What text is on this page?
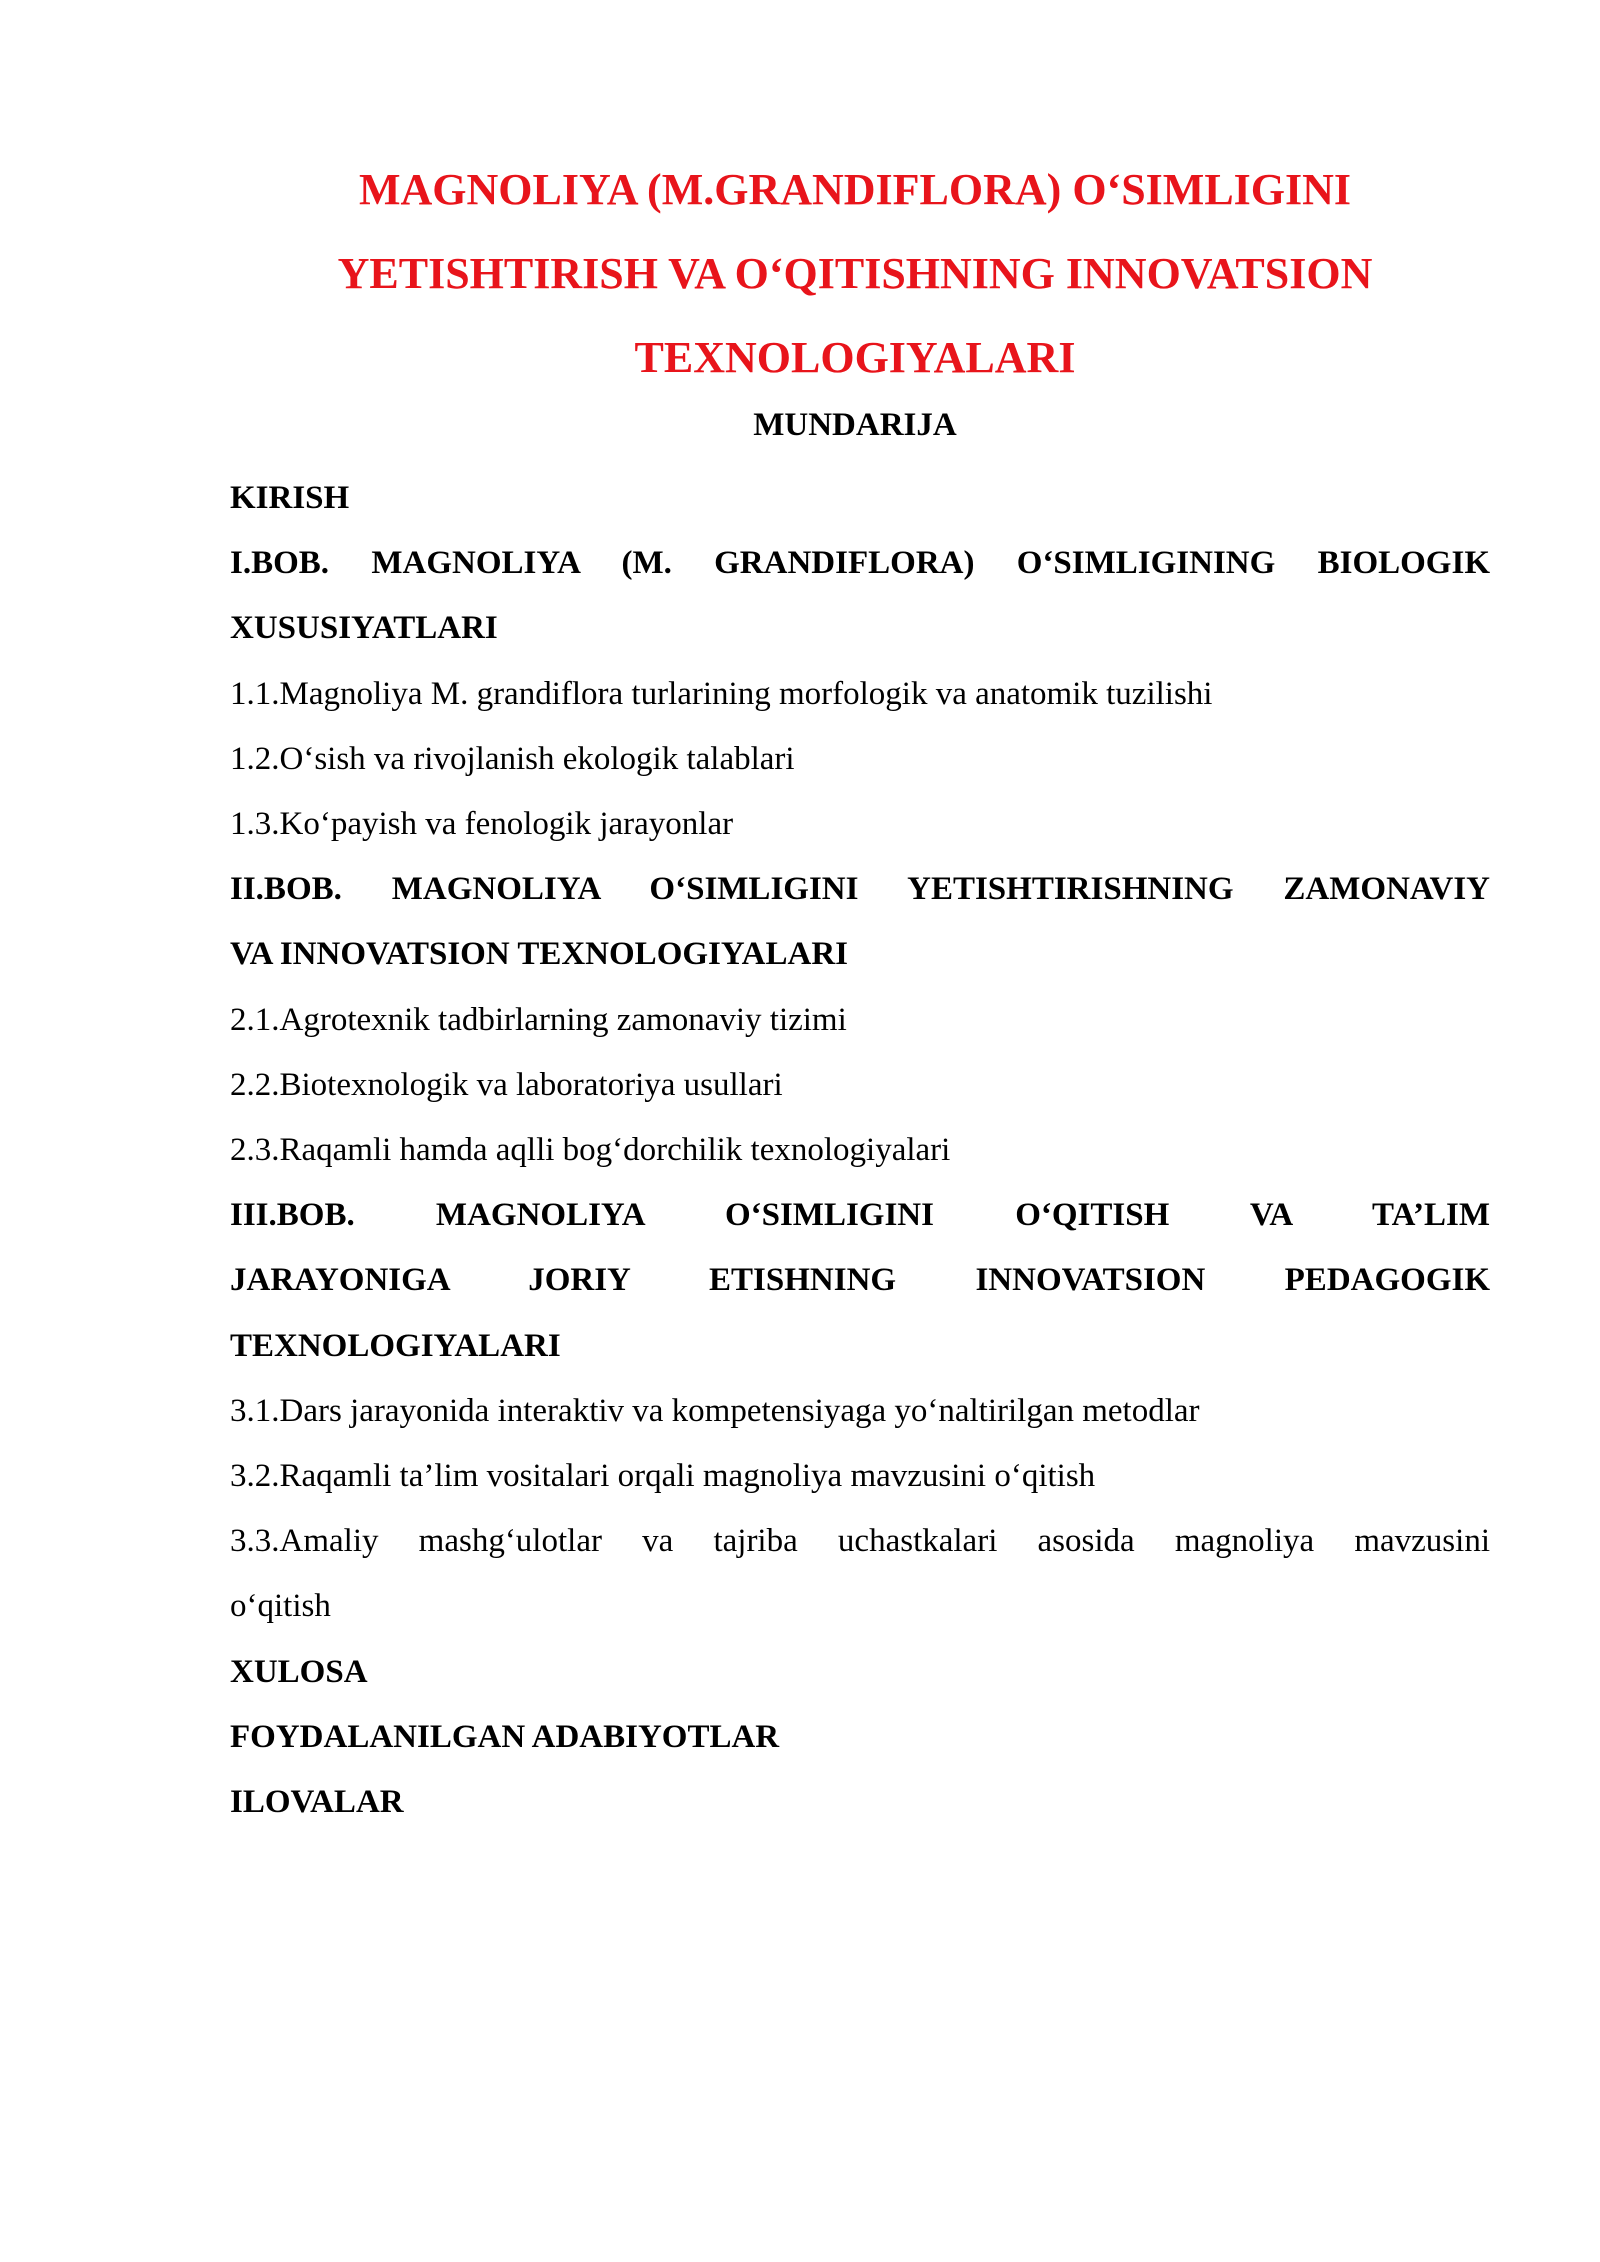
MAGNOLIYA (M.GRANDIFLORA) O‘SIMLIGINI
YETISHTIRISH VA O‘QITISHNING INNOVATSION
TEXNOLOGIYALARI
MUNDARIJA
KIRISH
I.BOB. MAGNOLIYA (M. GRANDIFLORA) O‘SIMLIGINING BIOLOGIK
XUSUSIYATLARI
1.1.Magnoliya M. grandiflora turlarining morfologik va anatomik tuzilishi
1.2.O‘sish va rivojlanish ekologik talablari
1.3.Ko‘payish va fenologik jarayonlar
II.BOB. MAGNOLIYA O‘SIMLIGINI YETISHTIRISHNING ZAMONAVIY
VA INNOVATSION TEXNOLOGIYALARI
2.1.Agrotexnik tadbirlarning zamonaviy tizimi
2.2.Biotexnologik va laboratoriya usullari
2.3.Raqamli hamda aqlli bog‘dorchilik texnologiyalari
III.BOB. MAGNOLIYA O‘SIMLIGINI O‘QITISH VA TA’LIM
JARAYONIGA JORIY ETISHNING INNOVATSION PEDAGOGIK
TEXNOLOGIYALARI
3.1.Dars jarayonida interaktiv va kompetensiyaga yo‘naltirilgan metodlar
3.2.Raqamli ta’lim vositalari orqali magnoliya mavzusini o‘qitish
3.3.Amaliy mashg‘ulotlar va tajriba uchastkalari asosida magnoliya mavzusini
o‘qitish
XULOSA
FOYDALANILGAN ADABIYOTLAR
ILOVALAR
